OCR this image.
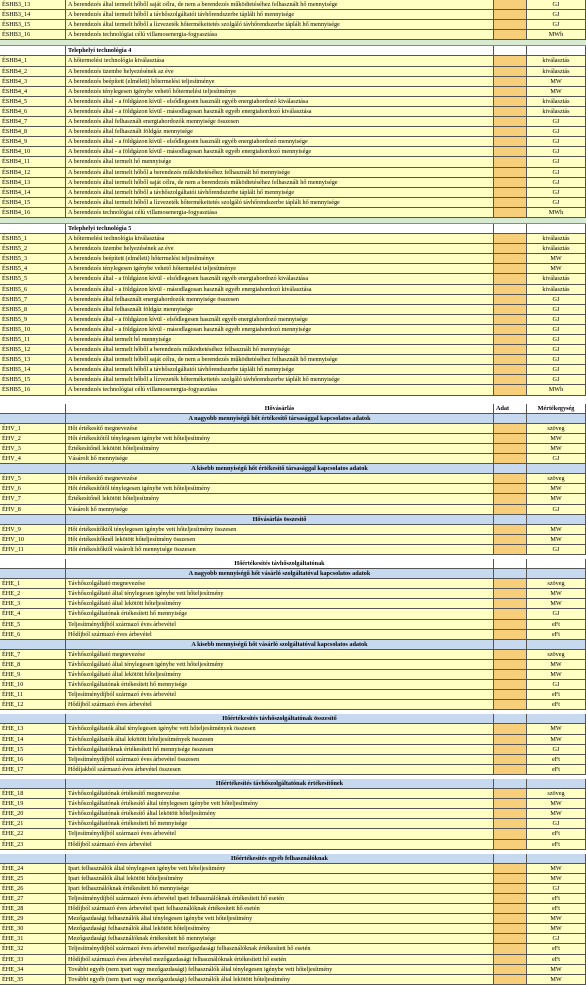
ÉSHB3_13	A berendezés által termelt hőből saját célra, de nem a berendezés működtetéséhez felhasznált hő mennyisége	GJ
ÉSHB3_14	A berendezés által termelt hőből a távhőszolgáltatói távhőrendszerbe táplált hő mennyisége	GJ
ÉSHB3_15	A berendezés által termelt hőből a lízvezeték hőtermékeitetés szolgáló távhőrendszerbe táplált hő mennyisége	GJ
ÉSHB3_16	A berendezés technológiai célú villamosenergia-fogyasztása	MWh
Telephelyi technológia 4
ÉSHB4_1	A hőtermelési technológia kiválasztása	kiválasztás
ÉSHB4_2	A berendezés üzembe helyezésének az éve	kiválasztás
ÉSHB4_3	A berendezés beépített (elméleti) hőtermelési teljesítménye	MW
ÉSHB4_4	A berendezés ténylegesen igénybe vehető hőtermelési teljesítménye	MW
ÉSHB4_5	A berendezés által - a földgázon kívül - elsődlegesen használt egyéb energiahordozó kiválasztása	kiválasztás
ÉSHB4_6	A berendezés által - a földgázon kívül - másodlagosan használt egyéb energiahordozó kiválasztása	kiválasztás
ÉSHB4_7	A berendezés által felhasznált energiahordozók mennyisége összesen	GJ
ÉSHB4_8	A berendezés által felhasznált földgáz mennyisége	GJ
ÉSHB4_9	A berendezés által - a földgázon kívül - elsődlegesen használt egyéb energiahordozó mennyisége	GJ
ÉSHB4_10	A berendezés által - a földgázon kívül - másodlagosan használt egyéb energiahordozó mennyisége	GJ
ÉSHB4_11	A berendezés által termelt hő mennyisége	GJ
ÉSHB4_12	A berendezés által termelt hőből a berendezés működtetéséhez felhasznált hő mennyisége	GJ
ÉSHB4_13	A berendezés által termelt hőből saját célra, de nem a berendezés működtetéséhez felhasznált hő mennyisége	GJ
ÉSHB4_14	A berendezés által termelt hőből a távhőszolgáltatói távhőrendszerbe táplált hő mennyisége	GJ
ÉSHB4_15	A berendezés által termelt hőből a lízvezeték hőtermékeitetés szolgáló távhőrendszerbe táplált hő mennyisége	GJ
ÉSHB4_16	A berendezés technológiai célú villamosenergia-fogyasztása	MWh
Telephelyi technológia 5
ÉSHB5_1	A hőtermelési technológia kiválasztása	kiválasztás
ÉSHB5_2	A berendezés üzembe helyezésének az éve	kiválasztás
ÉSHB5_3	A berendezés beépített (elméleti) hőtermelési teljesítménye	MW
ÉSHB5_4	A berendezés ténylegesen igénybe vehető hőtermelési teljesítménye	MW
ÉSHB5_5	A berendezés által - a földgázon kívül - elsődlegesen használt egyéb energiahordozó kiválasztása	kiválasztás
ÉSHB5_6	A berendezés által - a földgázon kívül - másodlagosan használt egyéb energiahordozó kiválasztása	kiválasztás
ÉSHB5_7	A berendezés által felhasznált energiahordozók mennyisége összesen	GJ
ÉSHB5_8	A berendezés által felhasznált földgáz mennyisége	GJ
ÉSHB5_9	A berendezés által - a földgázon kívül - elsődlegesen használt egyéb energiahordozó mennyisége	GJ
ÉSHB5_10	A berendezés által - a földgázon kívül - másodlagosan használt egyéb energiahordozó mennyisége	GJ
ÉSHB5_11	A berendezés által termelt hő mennyisége	GJ
ÉSHB5_12	A berendezés által termelt hőből a berendezés működtetéséhez felhasznált hő mennyisége	GJ
ÉSHB5_13	A berendezés által termelt hőből saját célra, de nem a berendezés működtetéséhez felhasznált hő mennyisége	GJ
ÉSHB5_14	A berendezés által termelt hőből a távhőszolgáltatói távhőrendszerbe táplált hő mennyisége	GJ
ÉSHB5_15	A berendezés által termelt hőből a lízvezeték hőtermékeitetés szolgáló távhőrendszerbe táplált hő mennyisége	GJ
ÉSHB5_16	A berendezés technológiai célú villamosenergia-fogyasztása	MWh
Hővásárlás	Adat	Mértékegység
A nagyobb mennyiségű hőt értékesítő társasággal kapcsolatos adatok
ÉHV_1	Hőt értékesítő megnevezése	szöveg
ÉHV_2	Hőt értékesítőtől ténylegesen igénybe vett hőteljesítmény	MW
ÉHV_3	Értékesítőnél lekötött hőteljesítmény	MW
ÉHV_4	Vásárolt hő mennyisége	GJ
A kisebb mennyiségű hőt értékesítő társasággal kapcsolatos adatok
ÉHV_5	Hőt értékesítő megnevezése	szöveg
ÉHV_6	Hőt értékesítőtől ténylegesen igénybe vett hőteljesítmény	MW
ÉHV_7	Értékesítőnél lekötött hőteljesítmény	MW
ÉHV_8	Vásárolt hő mennyisége	GJ
Hővásárlás összesítő
ÉHV_9	Hőt értékesítőktől ténylegesen igénybe vett hőteljesítmény összesen	MW
ÉHV_10	Hőt értékesítőknél lekötött hőteljesítmény összesen	MW
ÉHV_11	Hőt értékesítőktől vásárolt hő mennyisége összesen	GJ
Hőértékesítés távhőszolgáltatónak
A nagyobb mennyiségű hőt vásárló szolgáltatóval kapcsolatos adatok
ÉHE_1	Távhőszolgáltató megnevezése	szöveg
ÉHE_2	Távhőszolgáltató által ténylegesen igénybe vett hőteljesítmény	MW
ÉHE_3	Távhőszolgáltató által lekötött hőteljesítmény	MW
ÉHE_4	Távhőszolgáltatónak értékesített hő mennyisége	GJ
ÉHE_5	Teljesítménydíjból származó éves árbevétel	eFt
ÉHE_6	Hődíjból származó éves árbevétel	eFt
A kisebb mennyiségű hőt vásárló szolgáltatóval kapcsolatos adatok
ÉHE_7	Távhőszolgáltató megnevezése	szöveg
ÉHE_8	Távhőszolgáltató által ténylegesen igénybe vett hőteljesítmény	MW
ÉHE_9	Távhőszolgáltató által lekötött hőteljesítmény	MW
ÉHE_10	Távhőszolgáltatónak értékesített hő mennyisége	GJ
ÉHE_11	Teljesítménydíjból származó éves árbevétel	eFt
ÉHE_12	Hődíjból származó éves árbevétel	eFt
Hőértékesítés távhőszolgáltatónak összesítő
ÉHE_13	Távhőszolgáltatók által ténylegesen igénybe vett hőteljesítmények összesen	MW
ÉHE_14	Távhőszolgáltatók által lekötött hőteljesítmények összesen	MW
ÉHE_15	Távhőszolgáltatóknak értékesített hő mennyisége összesen	GJ
ÉHE_16	Teljesítménydíjból származó éves árbevétel összesen	eFt
ÉHE_17	Hődíjakból származó éves árbevétel összesen	eFt
Hőértékesítés távhőszolgáltatónak értékesítőnek
ÉHE_18	Távhőszolgáltatónak értékesítő megnevezése	szöveg
ÉHE_19	Távhőszolgáltatónak értékesítő által ténylegesen igénybe vett hőteljesítmény	MW
ÉHE_20	Távhőszolgáltatónak értékesítő által lekötött hőteljesítmény	MW
ÉHE_21	Távhőszolgáltatónak értékesített hő mennyisége	GJ
ÉHE_22	Teljesítménydíjból származó éves árbevétel	eFt
ÉHE_23	Hődíjból származó éves árbevétel	eFt
Hőértékesítés egyéb felhasználóknak
ÉHE_24	Ipari felhasználók által ténylegesen igénybe vett hőteljesítmény	MW
ÉHE_25	Ipari felhasználók által lekötött hőteljesítmény	MW
ÉHE_26	Ipari felhasználóknak értékesített hő mennyisége	GJ
ÉHE_27	Teljesítménydíjból származó éves árbevétel ipari felhasználóknak értékesített hő esetén	eFt
ÉHE_28	Hődíjból származó éves árbevétel ipari felhasználóknak értékesített hő esetén	eFt
ÉHE_29	Mezőgazdasági felhasználók által ténylegesen igénybe vett hőteljesítmény	MW
ÉHE_30	Mezőgazdasági felhasználók által lekötött hőteljesítmény	MW
ÉHE_31	Mezőgazdasági felhasználóknak értékesített hő mennyisége	GJ
ÉHE_32	Teljesítménydíjból származó éves árbevétel mezőgazdasági felhasználóknak értékesített hő esetén	eFt
ÉHE_33	Hődíjból származó éves árbevétel mezőgazdasági felhasználóknak értékesített hő esetén	eFt
ÉHE_34	További egyéb (nem ipari vagy mezőgazdasági) felhasználók által ténylegesen igénybe vett hőteljesítmény	MW
ÉHE_35	További egyéb (nem ipari vagy mezőgazdasági) felhasználók által lekötött hőteljesítmény	MW
